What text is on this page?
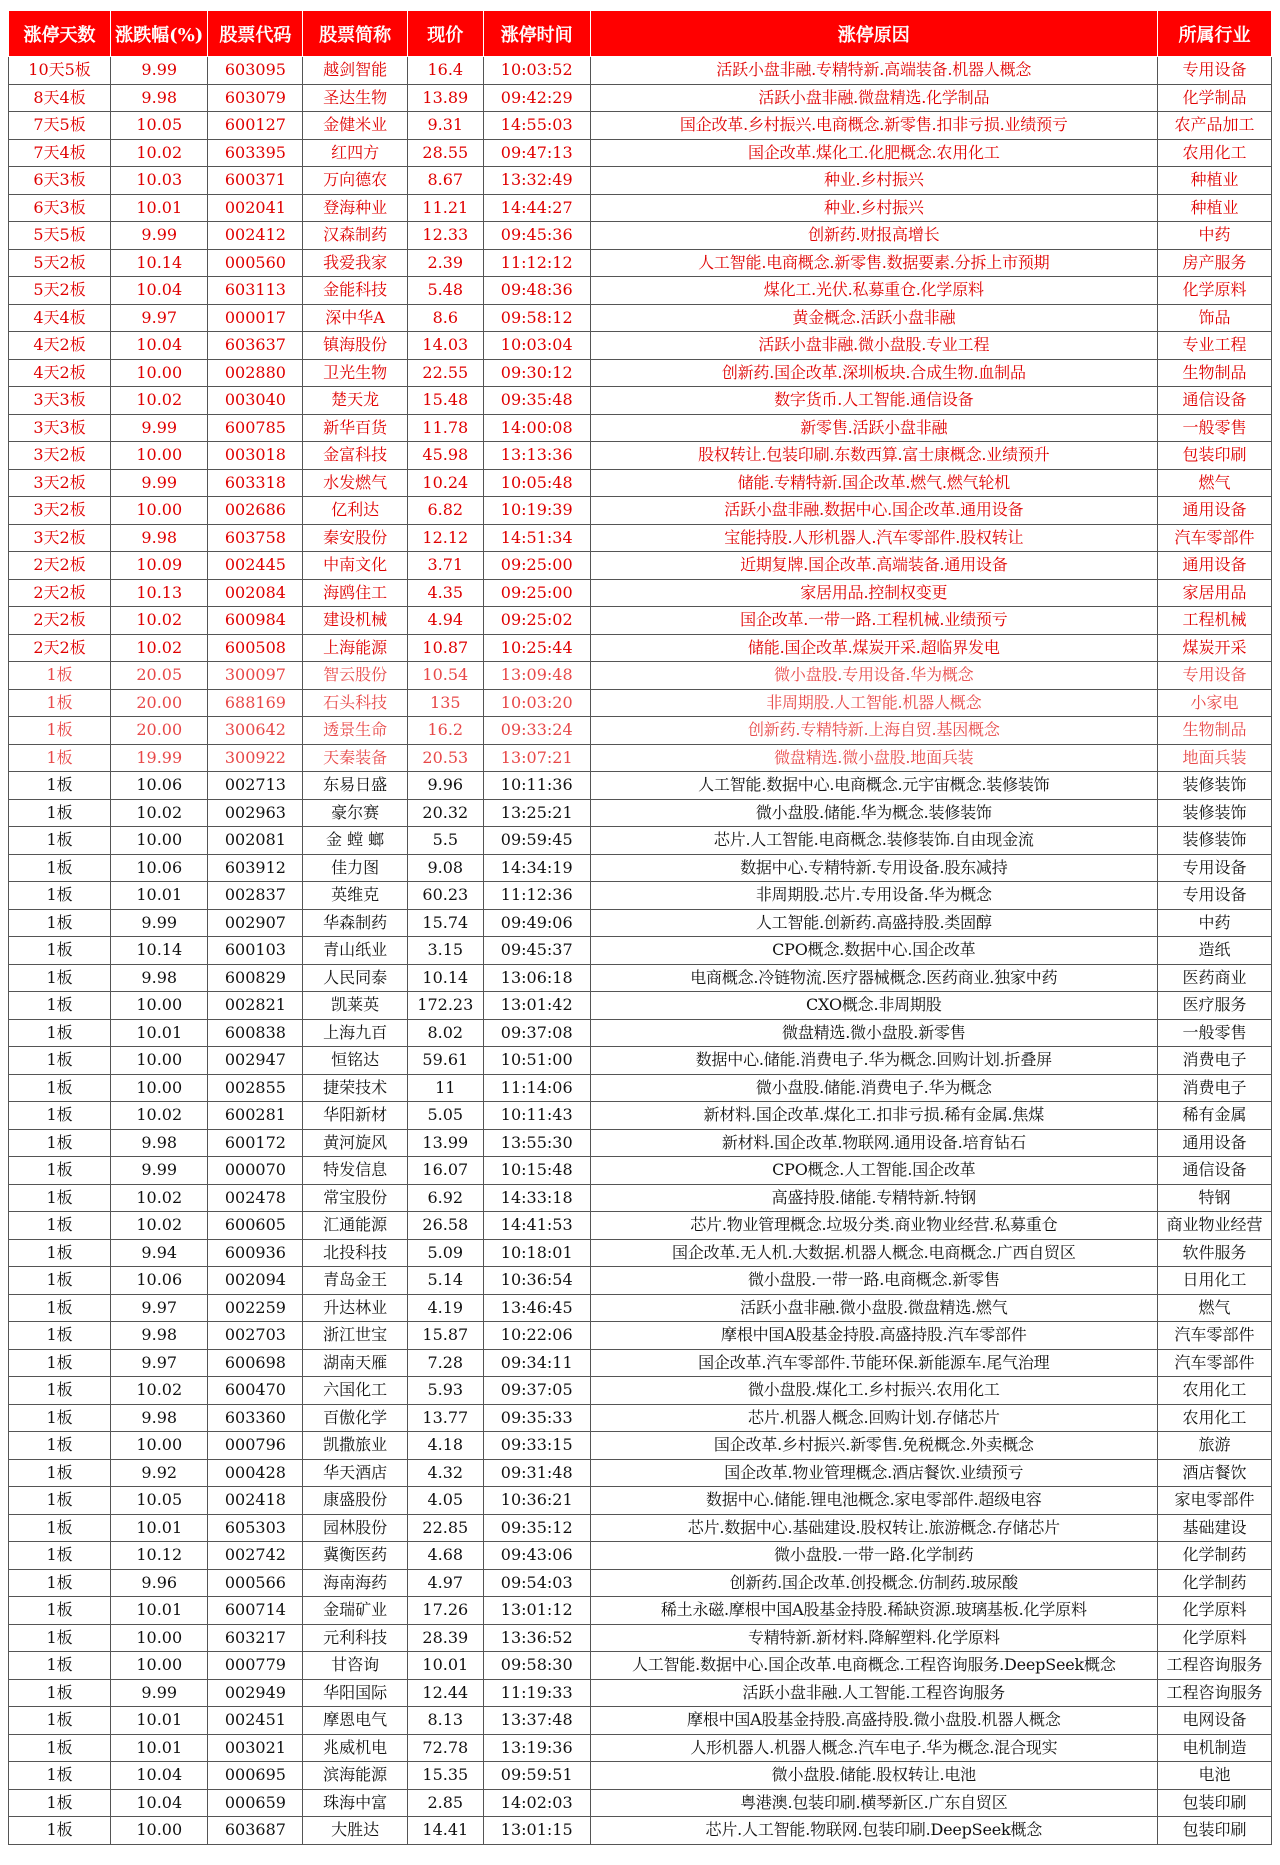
涨停天数	涨跌幅(%)	股票代码	股票简称	现价	涨停时间	涨停原因	所属行业
10天5板	9.99	603095	越剑智能	16.4	10:03:52	活跃小盘非融.专精特新.高端装备.机器人概念	专用设备
8天4板	9.98	603079	圣达生物	13.89	09:42:29	活跃小盘非融.微盘精选.化学制品	化学制品
7天5板	10.05	600127	金健米业	9.31	14:55:03	国企改革.乡村振兴.电商概念.新零售.扣非亏损.业绩预亏	农产品加工
7天4板	10.02	603395	红四方	28.55	09:47:13	国企改革.煤化工.化肥概念.农用化工	农用化工
6天3板	10.03	600371	万向德农	8.67	13:32:49	种业.乡村振兴	种植业
6天3板	10.01	002041	登海种业	11.21	14:44:27	种业.乡村振兴	种植业
5天5板	9.99	002412	汉森制药	12.33	09:45:36	创新药.财报高增长	中药
5天2板	10.14	000560	我爱我家	2.39	11:12:12	人工智能.电商概念.新零售.数据要素.分拆上市预期	房产服务
5天2板	10.04	603113	金能科技	5.48	09:48:36	煤化工.光伏.私募重仓.化学原料	化学原料
4天4板	9.97	000017	深中华A	8.6	09:58:12	黄金概念.活跃小盘非融	饰品
4天2板	10.04	603637	镇海股份	14.03	10:03:04	活跃小盘非融.微小盘股.专业工程	专业工程
4天2板	10.00	002880	卫光生物	22.55	09:30:12	创新药.国企改革.深圳板块.合成生物.血制品	生物制品
3天3板	10.02	003040	楚天龙	15.48	09:35:48	数字货币.人工智能.通信设备	通信设备
3天3板	9.99	600785	新华百货	11.78	14:00:08	新零售.活跃小盘非融	一般零售
3天2板	10.00	003018	金富科技	45.98	13:13:36	股权转让.包装印刷.东数西算.富士康概念.业绩预升	包装印刷
3天2板	9.99	603318	水发燃气	10.24	10:05:48	储能.专精特新.国企改革.燃气.燃气轮机	燃气
3天2板	10.00	002686	亿利达	6.82	10:19:39	活跃小盘非融.数据中心.国企改革.通用设备	通用设备
3天2板	9.98	603758	秦安股份	12.12	14:51:34	宝能持股.人形机器人.汽车零部件.股权转让	汽车零部件
2天2板	10.09	002445	中南文化	3.71	09:25:00	近期复牌.国企改革.高端装备.通用设备	通用设备
2天2板	10.13	002084	海鸥住工	4.35	09:25:00	家居用品.控制权变更	家居用品
2天2板	10.02	600984	建设机械	4.94	09:25:02	国企改革.一带一路.工程机械.业绩预亏	工程机械
2天2板	10.02	600508	上海能源	10.87	10:25:44	储能.国企改革.煤炭开采.超临界发电	煤炭开采
1板	20.05	300097	智云股份	10.54	13:09:48	微小盘股.专用设备.华为概念	专用设备
1板	20.00	688169	石头科技	135	10:03:20	非周期股.人工智能.机器人概念	小家电
1板	20.00	300642	透景生命	16.2	09:33:24	创新药.专精特新.上海自贸.基因概念	生物制品
1板	19.99	300922	天秦装备	20.53	13:07:21	微盘精选.微小盘股.地面兵装	地面兵装
1板	10.06	002713	东易日盛	9.96	10:11:36	人工智能.数据中心.电商概念.元宇宙概念.装修装饰	装修装饰
1板	10.02	002963	豪尔赛	20.32	13:25:21	微小盘股.储能.华为概念.装修装饰	装修装饰
1板	10.00	002081	金 螳 螂	5.5	09:59:45	芯片.人工智能.电商概念.装修装饰.自由现金流	装修装饰
1板	10.06	603912	佳力图	9.08	14:34:19	数据中心.专精特新.专用设备.股东减持	专用设备
1板	10.01	002837	英维克	60.23	11:12:36	非周期股.芯片.专用设备.华为概念	专用设备
1板	9.99	002907	华森制药	15.74	09:49:06	人工智能.创新药.高盛持股.类固醇	中药
1板	10.14	600103	青山纸业	3.15	09:45:37	CPO概念.数据中心.国企改革	造纸
1板	9.98	600829	人民同泰	10.14	13:06:18	电商概念.冷链物流.医疗器械概念.医药商业.独家中药	医药商业
1板	10.00	002821	凯莱英	172.23	13:01:42	CXO概念.非周期股	医疗服务
1板	10.01	600838	上海九百	8.02	09:37:08	微盘精选.微小盘股.新零售	一般零售
1板	10.00	002947	恒铭达	59.61	10:51:00	数据中心.储能.消费电子.华为概念.回购计划.折叠屏	消费电子
1板	10.00	002855	捷荣技术	11	11:14:06	微小盘股.储能.消费电子.华为概念	消费电子
1板	10.02	600281	华阳新材	5.05	10:11:43	新材料.国企改革.煤化工.扣非亏损.稀有金属.焦煤	稀有金属
1板	9.98	600172	黄河旋风	13.99	13:55:30	新材料.国企改革.物联网.通用设备.培育钻石	通用设备
1板	9.99	000070	特发信息	16.07	10:15:48	CPO概念.人工智能.国企改革	通信设备
1板	10.02	002478	常宝股份	6.92	14:33:18	高盛持股.储能.专精特新.特钢	特钢
1板	10.02	600605	汇通能源	26.58	14:41:53	芯片.物业管理概念.垃圾分类.商业物业经营.私募重仓	商业物业经营
1板	9.94	600936	北投科技	5.09	10:18:01	国企改革.无人机.大数据.机器人概念.电商概念.广西自贸区	软件服务
1板	10.06	002094	青岛金王	5.14	10:36:54	微小盘股.一带一路.电商概念.新零售	日用化工
1板	9.97	002259	升达林业	4.19	13:46:45	活跃小盘非融.微小盘股.微盘精选.燃气	燃气
1板	9.98	002703	浙江世宝	15.87	10:22:06	摩根中国A股基金持股.高盛持股.汽车零部件	汽车零部件
1板	9.97	600698	湖南天雁	7.28	09:34:11	国企改革.汽车零部件.节能环保.新能源车.尾气治理	汽车零部件
1板	10.02	600470	六国化工	5.93	09:37:05	微小盘股.煤化工.乡村振兴.农用化工	农用化工
1板	9.98	603360	百傲化学	13.77	09:35:33	芯片.机器人概念.回购计划.存储芯片	农用化工
1板	10.00	000796	凯撒旅业	4.18	09:33:15	国企改革.乡村振兴.新零售.免税概念.外卖概念	旅游
1板	9.92	000428	华天酒店	4.32	09:31:48	国企改革.物业管理概念.酒店餐饮.业绩预亏	酒店餐饮
1板	10.05	002418	康盛股份	4.05	10:36:21	数据中心.储能.锂电池概念.家电零部件.超级电容	家电零部件
1板	10.01	605303	园林股份	22.85	09:35:12	芯片.数据中心.基础建设.股权转让.旅游概念.存储芯片	基础建设
1板	10.12	002742	冀衡医药	4.68	09:43:06	微小盘股.一带一路.化学制药	化学制药
1板	9.96	000566	海南海药	4.97	09:54:03	创新药.国企改革.创投概念.仿制药.玻尿酸	化学制药
1板	10.01	600714	金瑞矿业	17.26	13:01:12	稀土永磁.摩根中国A股基金持股.稀缺资源.玻璃基板.化学原料	化学原料
1板	10.00	603217	元利科技	28.39	13:36:52	专精特新.新材料.降解塑料.化学原料	化学原料
1板	10.00	000779	甘咨询	10.01	09:58:30	人工智能.数据中心.国企改革.电商概念.工程咨询服务.DeepSeek概念	工程咨询服务
1板	9.99	002949	华阳国际	12.44	11:19:33	活跃小盘非融.人工智能.工程咨询服务	工程咨询服务
1板	10.01	002451	摩恩电气	8.13	13:37:48	摩根中国A股基金持股.高盛持股.微小盘股.机器人概念	电网设备
1板	10.01	003021	兆威机电	72.78	13:19:36	人形机器人.机器人概念.汽车电子.华为概念.混合现实	电机制造
1板	10.04	000695	滨海能源	15.35	09:59:51	微小盘股.储能.股权转让.电池	电池
1板	10.04	000659	珠海中富	2.85	14:02:03	粤港澳.包装印刷.横琴新区.广东自贸区	包装印刷
1板	10.00	603687	大胜达	14.41	13:01:15	芯片.人工智能.物联网.包装印刷.DeepSeek概念	包装印刷
